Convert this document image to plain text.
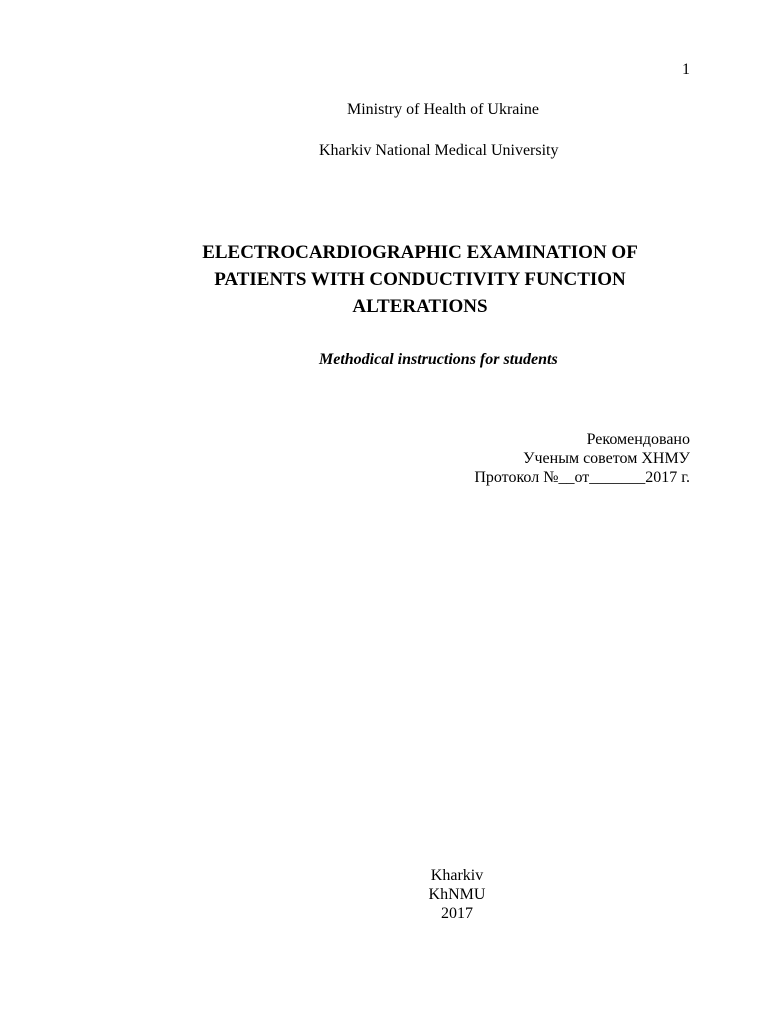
1
Ministry of Health of Ukraine
Kharkiv National Medical University
ELECTROCARDIOGRAPHIC EXAMINATION OF
PATIENTS WITH CONDUCTIVITY FUNCTION
ALTERATIONS
Methodical instructions for students
Рекомендовано
Ученым советом ХНМУ
Протокол №__от_______2017 г.
Kharkiv
KhNMU
2017
